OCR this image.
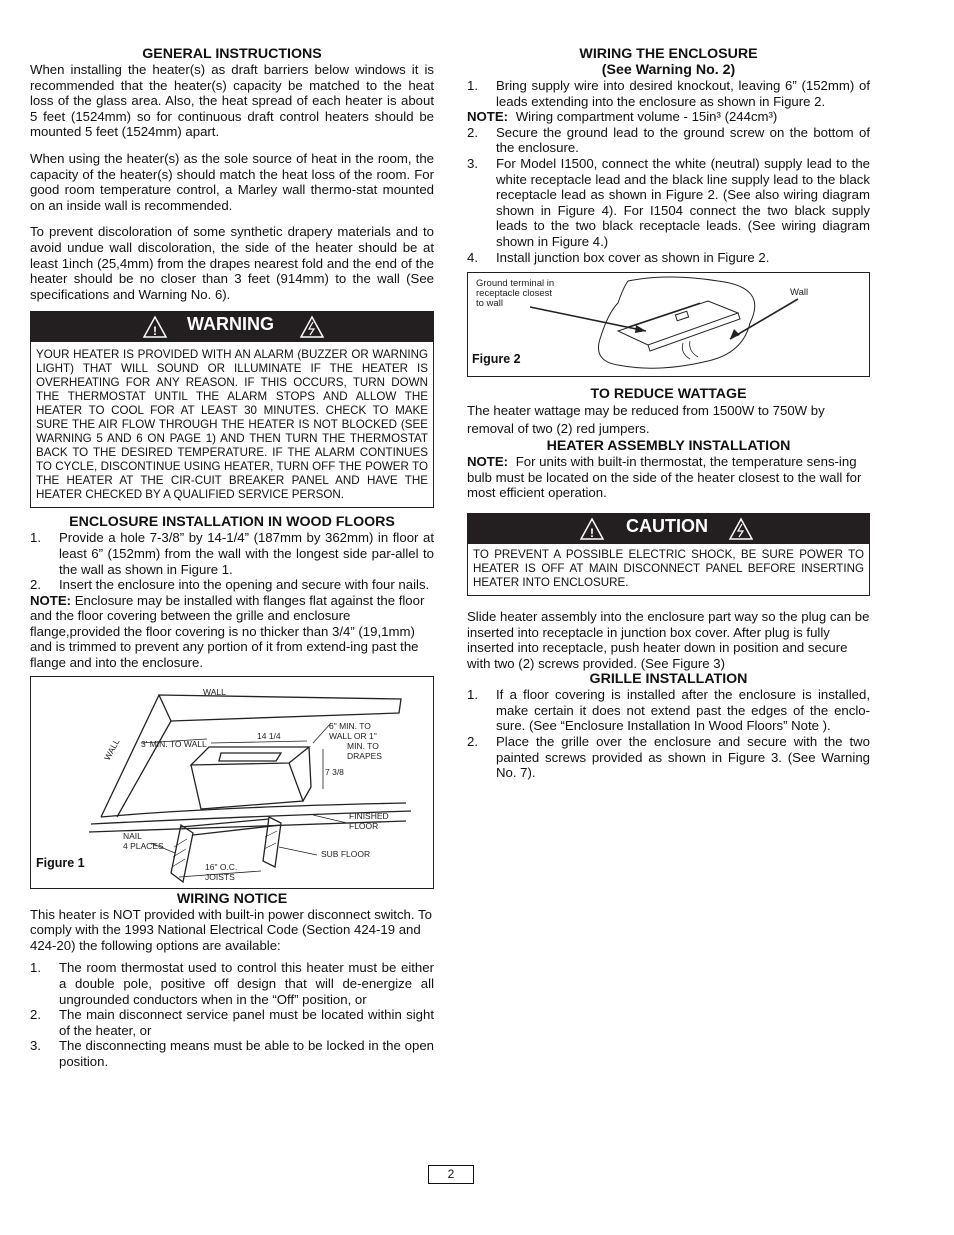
GENERAL INSTRUCTIONS

When installing the heater(s) as draft barriers below windows it is recommended that the heater(s) capacity be matched to the heat loss of the glass area. Also, the heat spread of each heater is about 5 feet (1524mm) so for continuous draft control heaters should be mounted 5 feet (1524mm) apart.

When using the heater(s) as the sole source of heat in the room, the capacity of the heater(s) should match the heat loss of the room. For good room temperature control, a Marley wall thermo-stat mounted on an inside wall is recommended.

To prevent discoloration of some synthetic drapery materials and to avoid undue wall discoloration, the side of the heater should be at least 1inch (25,4mm) from the drapes nearest fold and the end of the heater should be no closer than 3 feet (914mm) to the wall (See specifications and Warning No. 6).

! WARNING
YOUR HEATER IS PROVIDED WITH AN ALARM (BUZZER OR WARNING LIGHT) THAT WILL SOUND OR ILLUMINATE IF THE HEATER IS OVERHEATING FOR ANY REASON. IF THIS OCCURS, TURN DOWN THE THERMOSTAT UNTIL THE ALARM STOPS AND ALLOW THE HEATER TO COOL FOR AT LEAST 30 MINUTES. CHECK TO MAKE SURE THE AIR FLOW THROUGH THE HEATER IS NOT BLOCKED (SEE WARNING 5 AND 6 ON PAGE 1) AND THEN TURN THE THERMOSTAT BACK TO THE DESIRED TEMPERATURE. IF THE ALARM CONTINUES TO CYCLE, DISCONTINUE USING HEATER, TURN OFF THE POWER TO THE HEATER AT THE CIR-CUIT BREAKER PANEL AND HAVE THE HEATER CHECKED BY A QUALIFIED SERVICE PERSON.
ENCLOSURE INSTALLATION IN WOOD FLOORS
1. Provide a hole 7-3/8” by 14-1/4” (187mm by 362mm) in floor at least 6” (152mm) from the wall with the longest side par-allel to the wall as shown in Figure 1.
2. Insert the enclosure into the opening and secure with four nails.

NOTE: Enclosure may be installed with flanges flat against the floor and the floor covering between the grille and enclosure flange,provided the floor covering is no thicker than 3/4” (19,1mm) and is trimmed to prevent any portion of it from extend-ing past the flange and into the enclosure.

WALL
WALL 3' MIN. TO WALL
14 1/4
6" MIN. TO
WALL OR 1"
MIN. TO
DRAPES
7 3/8
FINISHED
FLOOR
NAIL
4 PLACES
SUB FLOOR
16" O.C.
JOISTS
Figure 1
WIRING NOTICE

This heater is NOT provided with built-in power disconnect switch. To comply with the 1993 National Electrical Code (Section 424-19 and 424-20) the following options are available:

1. The room thermostat used to control this heater must be either a double pole, positive off design that will de-energize all ungrounded conductors when in the “Off” position, or
2. The main disconnect service panel must be located within sight of the heater, or
3. The disconnecting means must be able to be locked in the open position.
WIRING THE ENCLOSURE
(See Warning No. 2)
1. Bring supply wire into desired knockout, leaving 6” (152mm) of leads extending into the enclosure as shown in Figure 2.

NOTE: Wiring compartment volume - 15in³ (244cm³)

2. Secure the ground lead to the ground screw on the bottom of the enclosure.
3. For Model I1500, connect the white (neutral) supply lead to the white receptacle lead and the black line supply lead to the black receptacle lead as shown in Figure 2. (See also wiring diagram shown in Figure 4). For I1504 connect the two black supply leads to the two black receptacle leads. (See wiring diagram shown in Figure 4.)
4. Install junction box cover as shown in Figure 2.
Ground terminal in
receptacle closest
to wall
Wall
Figure 2
TO REDUCE WATTAGE

The heater wattage may be reduced from 1500W to 750W by removal of two (2) red jumpers.

HEATER ASSEMBLY INSTALLATION

NOTE: For units with built-in thermostat, the temperature sens-ing bulb must be located on the side of the heater closest to the wall for most efficient operation.

! CAUTION
TO PREVENT A POSSIBLE ELECTRIC SHOCK, BE SURE POWER TO HEATER IS OFF AT MAIN DISCONNECT PANEL BEFORE INSERTING HEATER INTO ENCLOSURE.

Slide heater assembly into the enclosure part way so the plug can be inserted into receptacle in junction box cover. After plug is fully inserted into receptacle, push heater down in position and secure with two (2) screws provided. (See Figure 3)

GRILLE INSTALLATION
1. If a floor covering is installed after the enclosure is installed, make certain it does not extend past the edges of the enclo-sure. (See “Enclosure Installation In Wood Floors” Note ).
2. Place the grille over the enclosure and secure with the two painted screws provided as shown in Figure 3. (See Warning No. 7).
2
